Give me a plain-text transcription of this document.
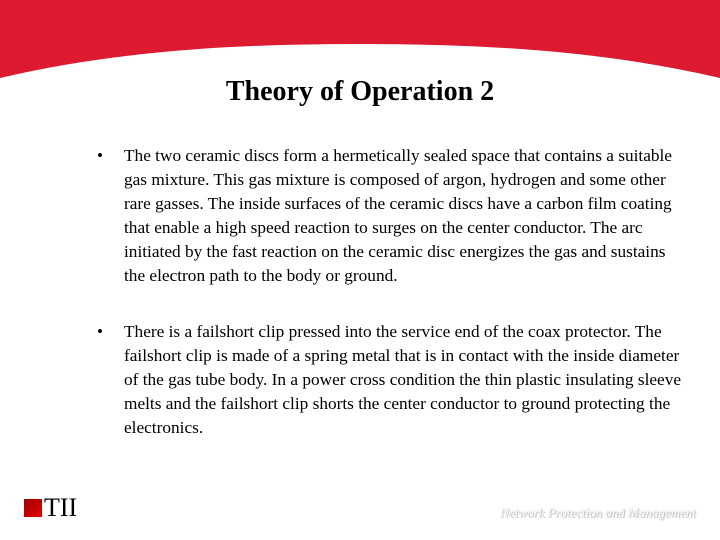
Theory of Operation 2
• The two ceramic discs form a hermetically sealed space that contains a suitable gas mixture. This gas mixture is composed of argon, hydrogen and some other rare gasses. The inside surfaces of the ceramic discs have a carbon film coating that enable a high speed reaction to surges on the center conductor. The arc initiated by the fast reaction on the ceramic disc energizes the gas and sustains the electron path to the body or ground.
• There is a failshort clip pressed into the service end of the coax protector. The failshort clip is made of a spring metal that is in contact with the inside diameter of the gas tube body. In a power cross condition the thin plastic insulating sleeve melts and the failshort clip shorts the center conductor to ground protecting the electronics.
TII	Network Protection and Management
